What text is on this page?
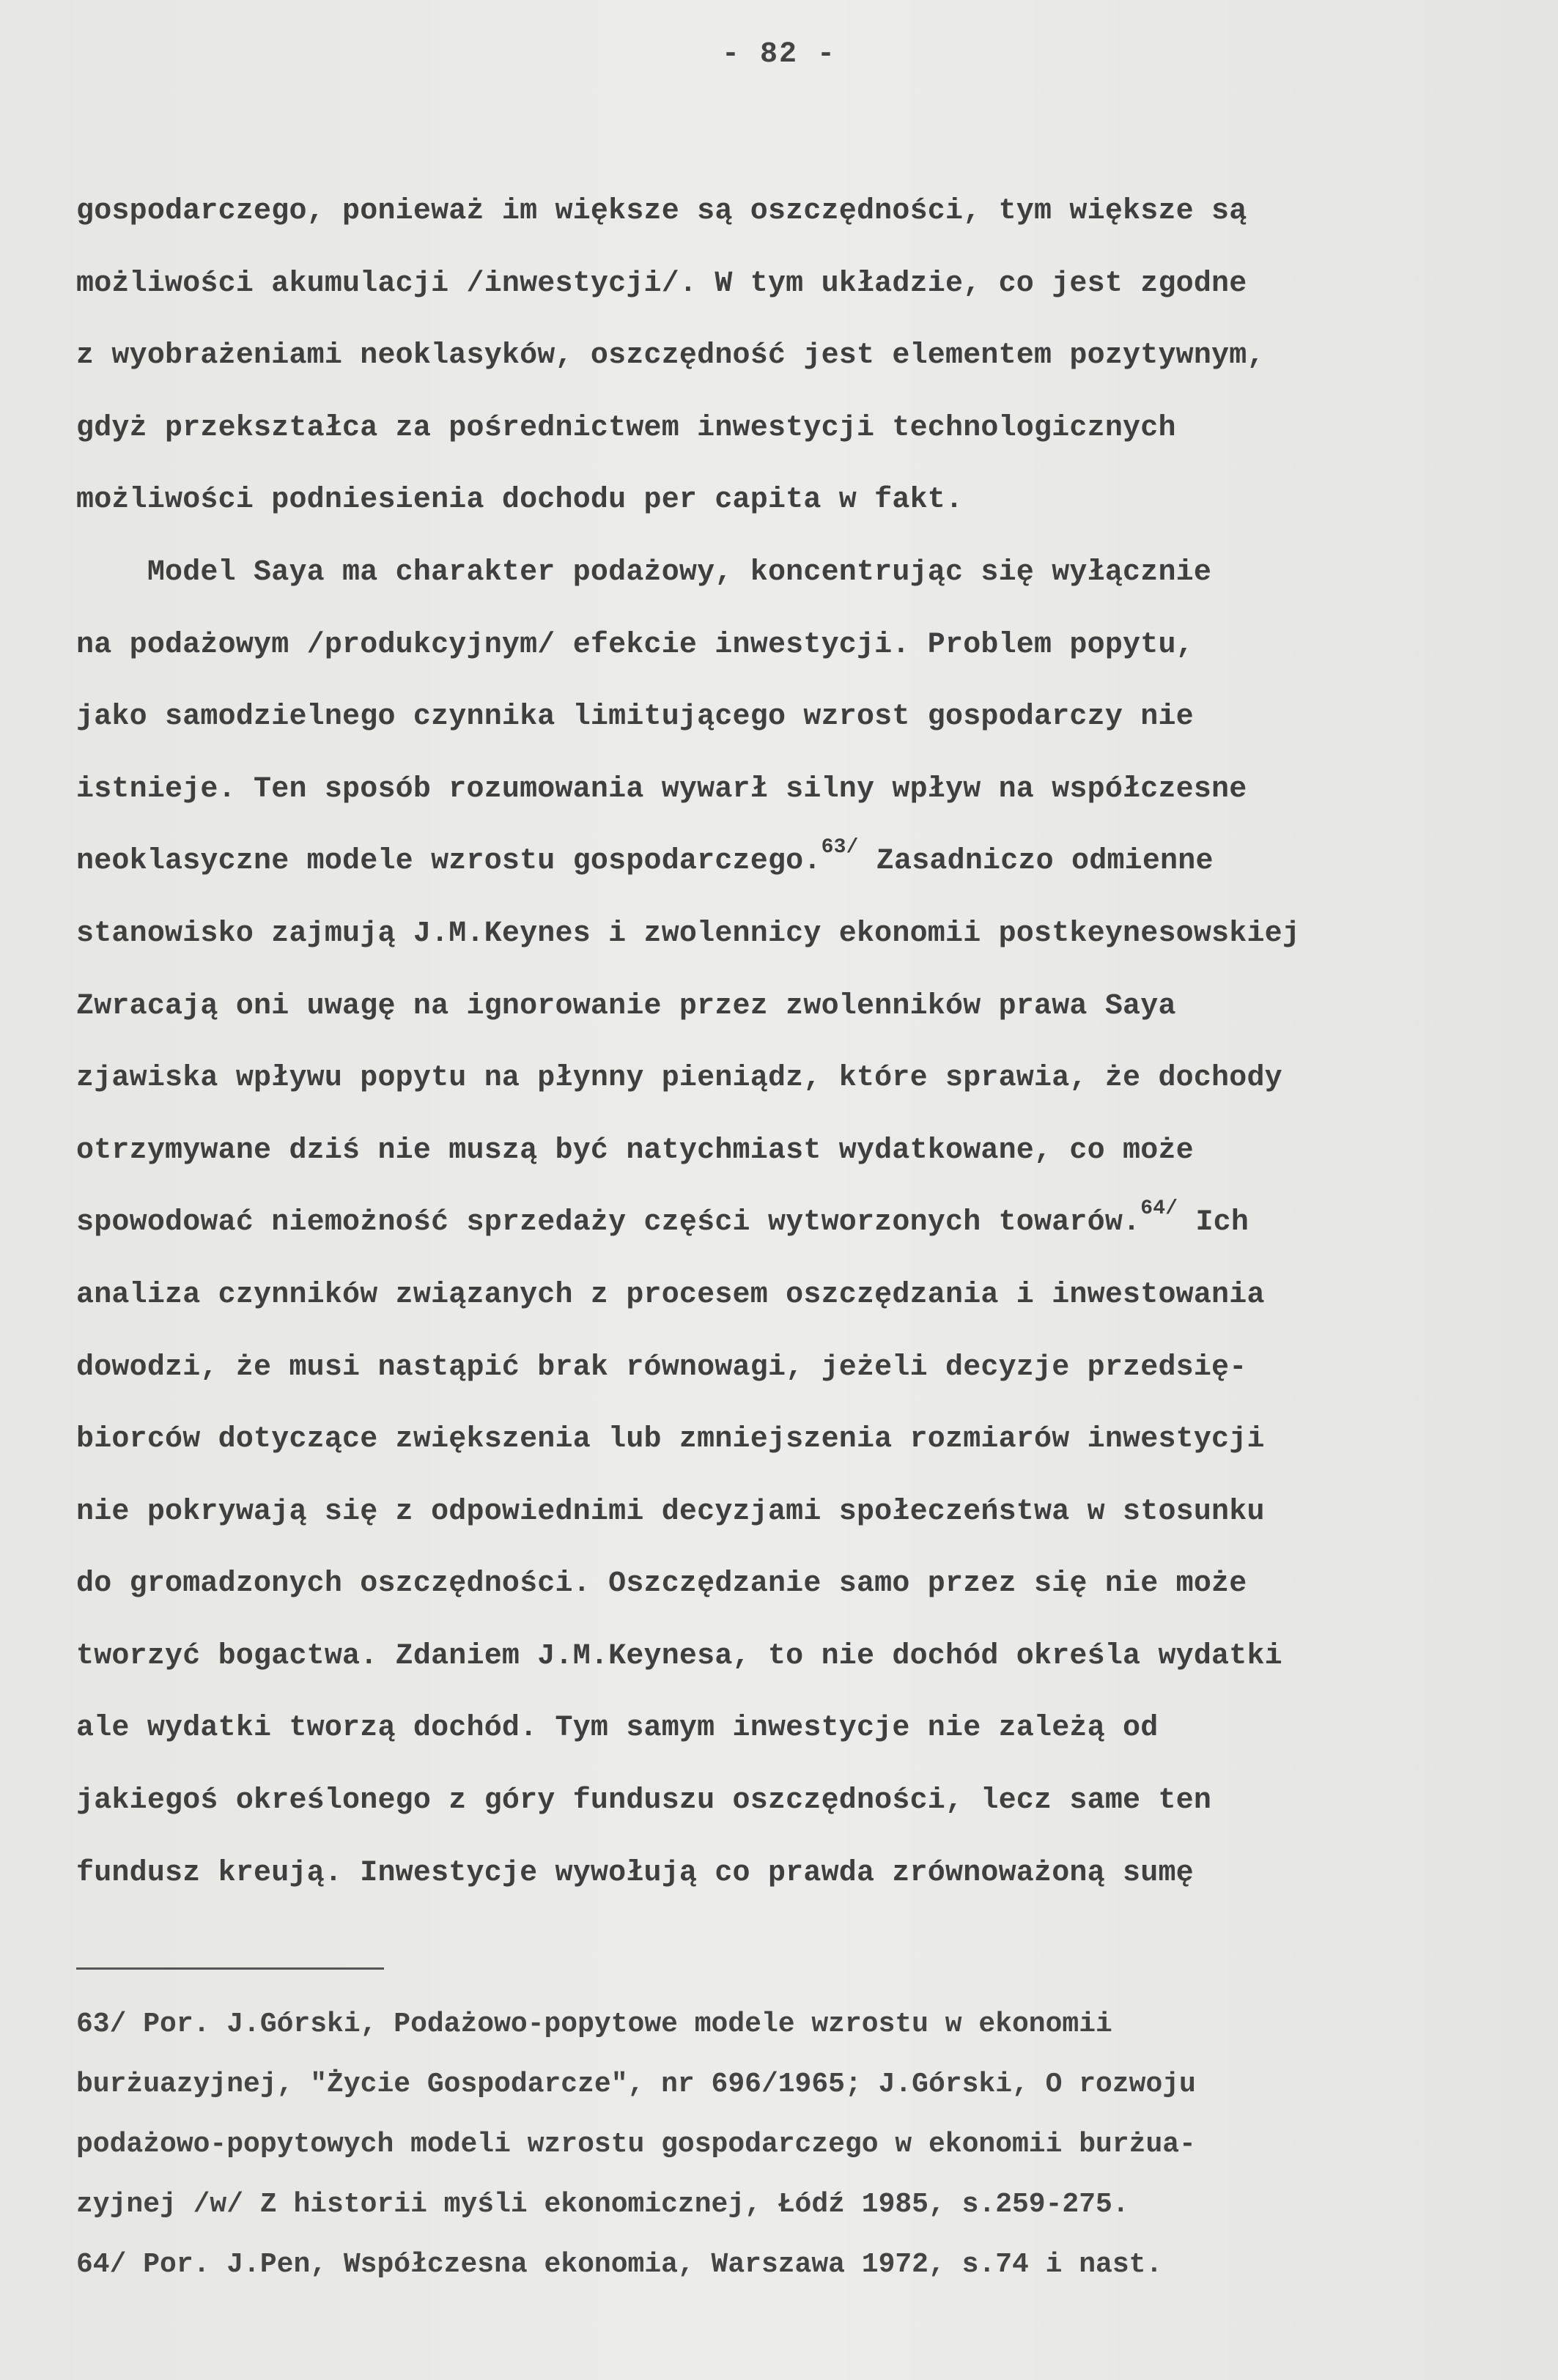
- 82 -
gospodarczego, ponieważ im większe są oszczędności, tym większe są
możliwości akumulacji /inwestycji/. W tym układzie, co jest zgodne
z wyobrażeniami neoklasyków, oszczędność jest elementem pozytywnym,
gdyż przekształca za pośrednictwem inwestycji technologicznych
możliwości podniesienia dochodu per capita w fakt.
Model Saya ma charakter podażowy, koncentrując się wyłącznie
na podażowym /produkcyjnym/ efekcie inwestycji. Problem popytu,
jako samodzielnego czynnika limitującego wzrost gospodarczy nie
istnieje. Ten sposób rozumowania wywarł silny wpływ na współczesne
neoklasyczne modele wzrostu gospodarczego.$^{63/}$ Zasadniczo odmienne
stanowisko zajmują J.M.Keynes i zwolennicy ekonomii postkeynesowskiej
Zwracają oni uwagę na ignorowanie przez zwolenników prawa Saya
zjawiska wpływu popytu na płynny pieniądz, które sprawia, że dochody
otrzymywane dziś nie muszą być natychmiast wydatkowane, co może
spowodować niemożność sprzedaży części wytworzonych towarów.$^{64/}$ Ich
analiza czynników związanych z procesem oszczędzania i inwestowania
dowodzi, że musi nastąpić brak równowagi, jeżeli decyzje przedsię-
biorców dotyczące zwiększenia lub zmniejszenia rozmiarów inwestycji
nie pokrywają się z odpowiednimi decyzjami społeczeństwa w stosunku
do gromadzonych oszczędności. Oszczędzanie samo przez się nie może
tworzyć bogactwa. Zdaniem J.M.Keynesa, to nie dochód określa wydatki
ale wydatki tworzą dochód. Tym samym inwestycje nie zależą od
jakiegoś określonego z góry funduszu oszczędności, lecz same ten
fundusz kreują. Inwestycje wywołują co prawda zrównoważoną sumę
63/ Por. J.Górski, Podażowo-popytowe modele wzrostu w ekonomii
burżuazyjnej, "Życie Gospodarcze", nr 696/1965; J.Górski, O rozwoju
podażowo-popytowych modeli wzrostu gospodarczego w ekonomii burżua-
zyjnej /w/ Z historii myśli ekonomicznej, Łódź 1985, s.259-275.
64/ Por. J.Pen, Współczesna ekonomia, Warszawa 1972, s.74 i nast.
